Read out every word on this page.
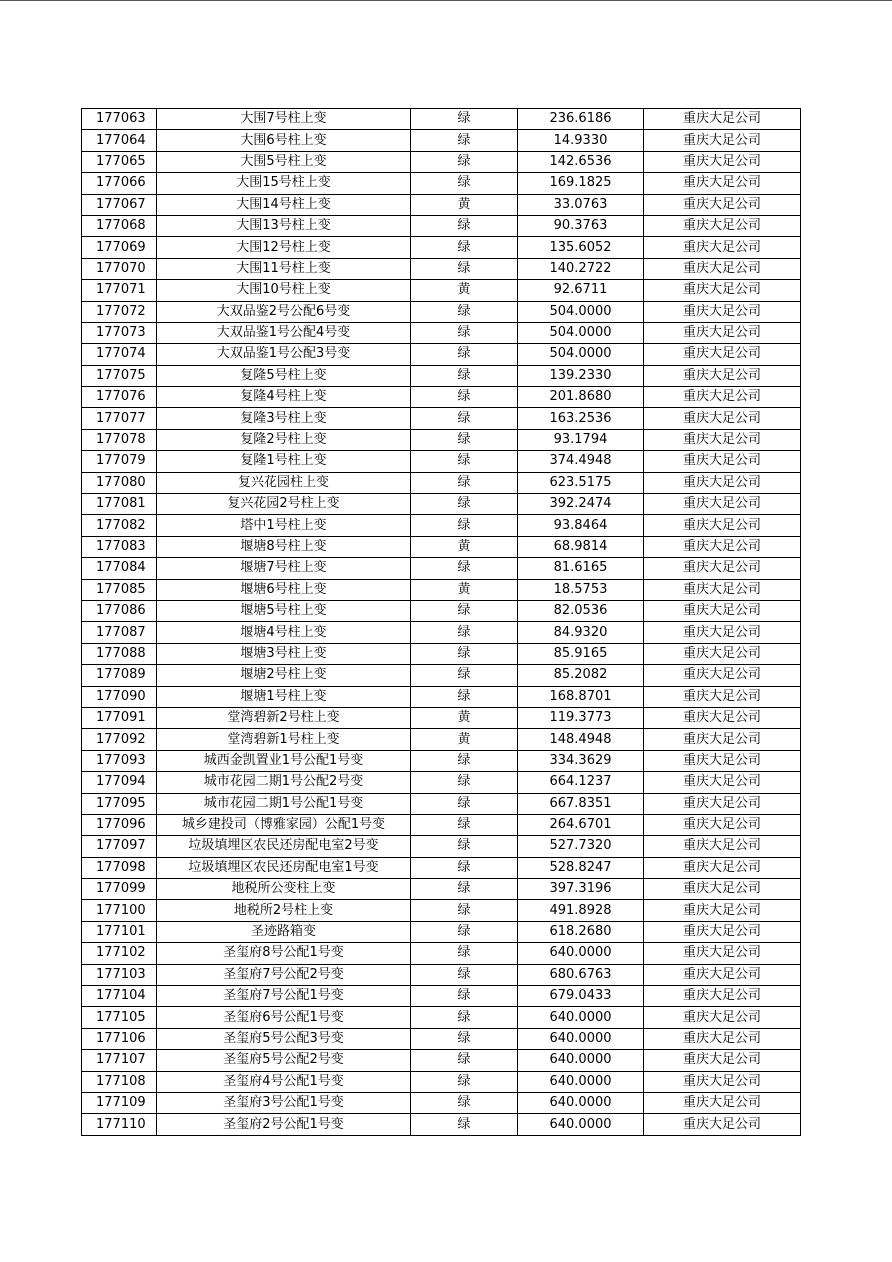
177063	大围7号柱上变	绿	236.6186	重庆大足公司
177064	大围6号柱上变	绿	14.9330	重庆大足公司
177065	大围5号柱上变	绿	142.6536	重庆大足公司
177066	大围15号柱上变	绿	169.1825	重庆大足公司
177067	大围14号柱上变	黄	33.0763	重庆大足公司
177068	大围13号柱上变	绿	90.3763	重庆大足公司
177069	大围12号柱上变	绿	135.6052	重庆大足公司
177070	大围11号柱上变	绿	140.2722	重庆大足公司
177071	大围10号柱上变	黄	92.6711	重庆大足公司
177072	大双品鉴2号公配6号变	绿	504.0000	重庆大足公司
177073	大双品鉴1号公配4号变	绿	504.0000	重庆大足公司
177074	大双品鉴1号公配3号变	绿	504.0000	重庆大足公司
177075	复隆5号柱上变	绿	139.2330	重庆大足公司
177076	复隆4号柱上变	绿	201.8680	重庆大足公司
177077	复隆3号柱上变	绿	163.2536	重庆大足公司
177078	复隆2号柱上变	绿	93.1794	重庆大足公司
177079	复隆1号柱上变	绿	374.4948	重庆大足公司
177080	复兴花园柱上变	绿	623.5175	重庆大足公司
177081	复兴花园2号柱上变	绿	392.2474	重庆大足公司
177082	塔中1号柱上变	绿	93.8464	重庆大足公司
177083	堰塘8号柱上变	黄	68.9814	重庆大足公司
177084	堰塘7号柱上变	绿	81.6165	重庆大足公司
177085	堰塘6号柱上变	黄	18.5753	重庆大足公司
177086	堰塘5号柱上变	绿	82.0536	重庆大足公司
177087	堰塘4号柱上变	绿	84.9320	重庆大足公司
177088	堰塘3号柱上变	绿	85.9165	重庆大足公司
177089	堰塘2号柱上变	绿	85.2082	重庆大足公司
177090	堰塘1号柱上变	绿	168.8701	重庆大足公司
177091	堂湾碧新2号柱上变	黄	119.3773	重庆大足公司
177092	堂湾碧新1号柱上变	黄	148.4948	重庆大足公司
177093	城西金凯置业1号公配1号变	绿	334.3629	重庆大足公司
177094	城市花园二期1号公配2号变	绿	664.1237	重庆大足公司
177095	城市花园二期1号公配1号变	绿	667.8351	重庆大足公司
177096	城乡建投司（博雅家园）公配1号变	绿	264.6701	重庆大足公司
177097	垃圾填埋区农民还房配电室2号变	绿	527.7320	重庆大足公司
177098	垃圾填埋区农民还房配电室1号变	绿	528.8247	重庆大足公司
177099	地税所公变柱上变	绿	397.3196	重庆大足公司
177100	地税所2号柱上变	绿	491.8928	重庆大足公司
177101	圣迹路箱变	绿	618.2680	重庆大足公司
177102	圣玺府8号公配1号变	绿	640.0000	重庆大足公司
177103	圣玺府7号公配2号变	绿	680.6763	重庆大足公司
177104	圣玺府7号公配1号变	绿	679.0433	重庆大足公司
177105	圣玺府6号公配1号变	绿	640.0000	重庆大足公司
177106	圣玺府5号公配3号变	绿	640.0000	重庆大足公司
177107	圣玺府5号公配2号变	绿	640.0000	重庆大足公司
177108	圣玺府4号公配1号变	绿	640.0000	重庆大足公司
177109	圣玺府3号公配1号变	绿	640.0000	重庆大足公司
177110	圣玺府2号公配1号变	绿	640.0000	重庆大足公司
